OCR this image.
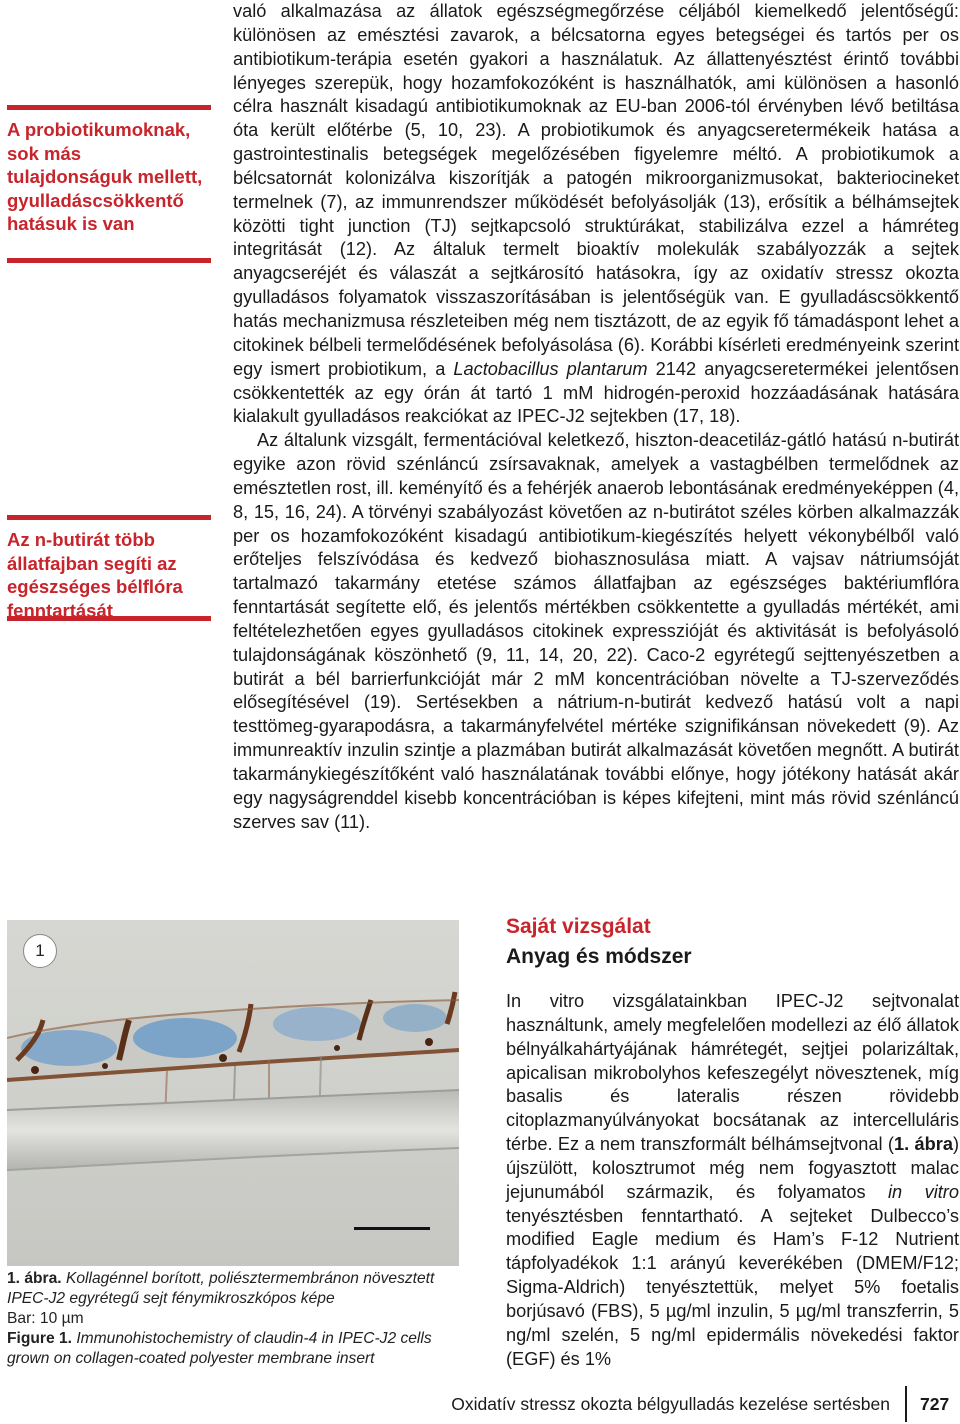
A probiotikumoknak, sok más tulajdonságuk mellett, gyulladáscsökkentő hatásuk is van
Az n-butirát több állatfajban segíti az egészséges bélflóra fenntartását

való alkalmazása az állatok egészségmegőrzése céljából kiemelkedő jelentőségű: különösen az emésztési zavarok, a bélcsatorna egyes betegségei és tartós per os antibiotikum-terápia esetén gyakori a használatuk. Az állattenyésztést érintő további lényeges szerepük, hogy hozamfokozóként is használhatók, ami különösen a hasonló célra használt kisadagú antibiotikumoknak az EU-ban 2006-tól érvényben lévő betiltása óta került előtérbe (5, 10, 23). A probiotikumok és anyagcseretermékeik hatása a gastrointestinalis betegségek megelőzésében figyelemre méltó. A probiotikumok a bélcsatornát kolonizálva kiszorítják a patogén mikroorganizmusokat, bakteriocineket termelnek (7), az immunrendszer működését befolyásolják (13), erősítik a bélhámsejtek közötti tight junction (TJ) sejtkapcsoló struktúrákat, stabilizálva ezzel a hámréteg integritását (12). Az általuk termelt bioaktív molekulák szabályozzák a sejtek anyagcseréjét és válaszát a sejtkárosító hatásokra, így az oxidatív stressz okozta gyulladásos folyamatok visszaszorításában is jelentőségük van. E gyulladáscsökkentő hatás mechanizmusa részleteiben még nem tisztázott, de az egyik fő támadáspont lehet a citokinek bélbeli termelődésének befolyásolása (6). Korábbi kísérleti eredményeink szerint egy ismert probiotikum, a Lactobacillus plantarum 2142 anyagcseretermékei jelentősen csökkentették az egy órán át tartó 1 mM hidrogén-peroxid hozzáadásának hatására kialakult gyulladásos reakciókat az IPEC-J2 sejtekben (17, 18).

Az általunk vizsgált, fermentációval keletkező, hiszton-deacetiláz-gátló hatású n-butirát egyike azon rövid szénláncú zsírsavaknak, amelyek a vastagbélben termelődnek az emésztetlen rost, ill. keményítő és a fehérjék anaerob lebontásának eredményeképpen (4, 8, 15, 16, 24). A törvényi szabályozást követően az n-butirátot széles körben alkalmazzák per os hozamfokozóként kisadagú antibiotikum-kiegészítés helyett vékonybélből való erőteljes felszívódása és kedvező biohasznosulása miatt. A vajsav nátriumsóját tartalmazó takarmány etetése számos állatfajban az egészséges baktériumflóra fenntartását segítette elő, és jelentős mértékben csökkentette a gyulladás mértékét, ami feltételezhetően egyes gyulladásos citokinek expresszióját és aktivitását is befolyásoló tulajdonságának köszönhető (9, 11, 14, 20, 22). Caco-2 egyrétegű sejttenyészetben a butirát a bél barrierfunkcióját már 2 mM koncentrációban növelte a TJ-szerveződés elősegítésével (19). Sertésekben a nátrium-n-butirát kedvező hatású volt a napi testtömeg-gyarapodásra, a takarmányfelvétel mértéke szignifikánsan növekedett (9). Az immunreaktív inzulin szintje a plazmában butirát alkalmazását követően megnőtt. A butirát takarmánykiegészítőként való használatának további előnye, hogy jótékony hatását akár egy nagyságrenddel kisebb koncentrációban is képes kifejteni, mint más rövid szénláncú szerves sav (11).

1
1. ábra. Kollagénnel borított, poliésztermembránon növesztett IPEC-J2 egyrétegű sejt fénymikroszkópos képe
Bar: 10 µm
Figure 1. Immunohistochemistry of claudin-4 in IPEC-J2 cells grown on collagen-coated polyester membrane insert
Saját vizsgálat
Anyag és módszer

In vitro vizsgálatainkban IPEC-J2 sejtvonalat használtunk, amely megfelelően modellezi az élő állatok bélnyálkahártyájának hámrétegét, sejtjei polarizáltak, apicalisan mikrobolyhos kefeszegélyt növesztenek, míg basalis és lateralis részen rövidebb citoplazmanyúlványokat bocsátanak az intercelluláris térbe. Ez a nem transzformált bélhámsejtvonal (1. ábra) újszülött, kolosztrumot még nem fogyasztott malac jejunumából származik, és folyamatos in vitro tenyésztésben fenntartható. A sejteket Dulbecco’s modified Eagle medium és Ham’s F-12 Nutrient tápfolyadékok 1:1 arányú keverékében (DMEM/F12; Sigma-Aldrich) tenyésztettük, melyet 5% foetalis borjúsavó (FBS), 5 µg/ml inzulin, 5 µg/ml transzferrin, 5 ng/ml szelén, 5 ng/ml epidermális növekedési faktor (EGF) és 1%

Oxidatív stressz okozta bélgyulladás kezelése sertésben 727
